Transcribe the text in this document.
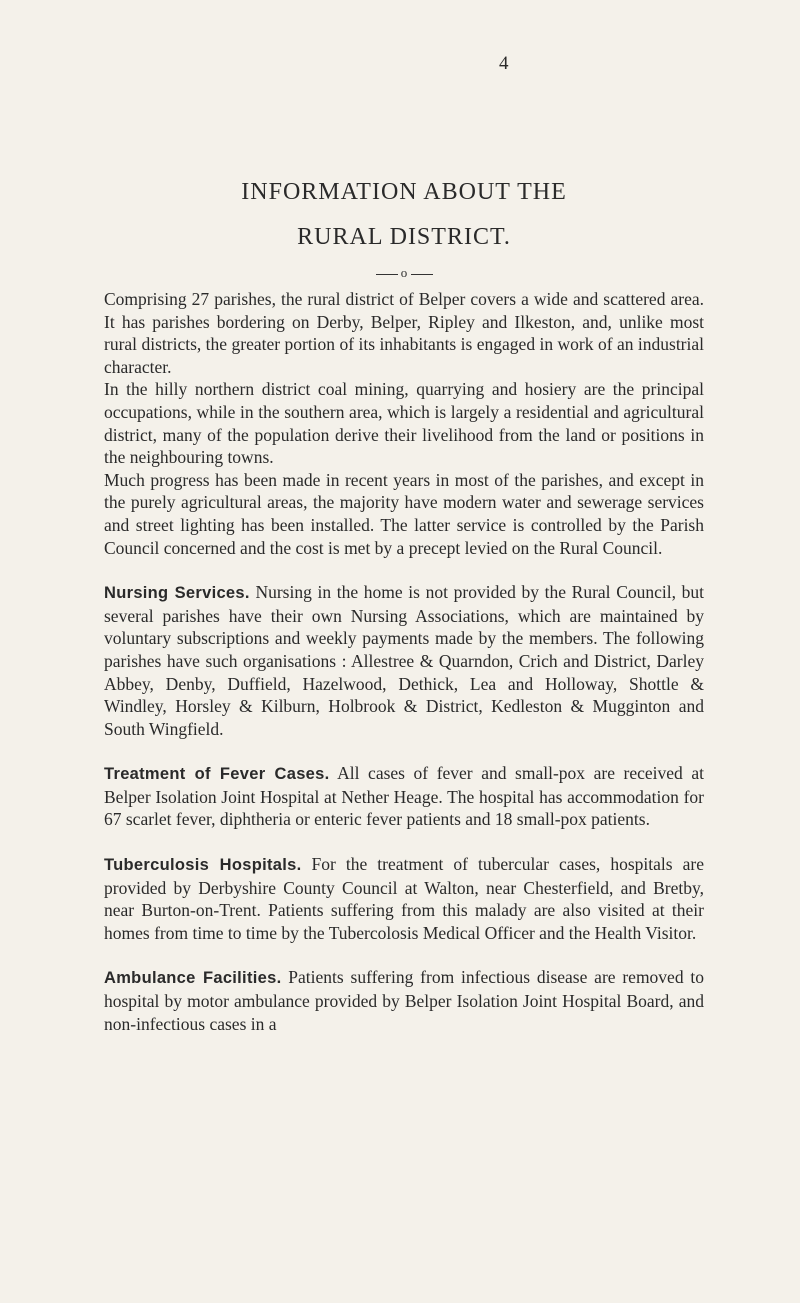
4

INFORMATION ABOUT THE
RURAL DISTRICT.
o

Comprising 27 parishes, the rural district of Belper covers a wide and scattered area. It has parishes bordering on Derby, Belper, Ripley and Ilkeston, and, unlike most rural districts, the greater portion of its inhabitants is engaged in work of an industrial character.

In the hilly northern district coal mining, quarrying and hosiery are the principal occupations, while in the southern area, which is largely a residential and agricultural district, many of the population derive their livelihood from the land or positions in the neighbouring towns.

Much progress has been made in recent years in most of the parishes, and except in the purely agricultural areas, the majority have modern water and sewerage services and street lighting has been installed. The latter service is controlled by the Parish Council concerned and the cost is met by a precept levied on the Rural Council.

Nursing Services. Nursing in the home is not provided by the Rural Council, but several parishes have their own Nursing Associations, which are maintained by voluntary subscriptions and weekly payments made by the members. The following parishes have such organisations : Allestree & Quarndon, Crich and District, Darley Abbey, Denby, Duffield, Hazelwood, Dethick, Lea and Holloway, Shottle & Windley, Horsley & Kilburn, Holbrook & District, Kedleston & Mugginton and South Wingfield.

Treatment of Fever Cases. All cases of fever and small-pox are received at Belper Isolation Joint Hospital at Nether Heage. The hospital has accommodation for 67 scarlet fever, diphtheria or enteric fever patients and 18 small-pox patients.

Tuberculosis Hospitals. For the treatment of tubercular cases, hospitals are provided by Derbyshire County Council at Walton, near Chesterfield, and Bretby, near Burton-on-Trent. Patients suffering from this malady are also visited at their homes from time to time by the Tubercolosis Medical Officer and the Health Visitor.

Ambulance Facilities. Patients suffering from infectious disease are removed to hospital by motor ambulance provided by Belper Isolation Joint Hospital Board, and non-infectious cases in a
